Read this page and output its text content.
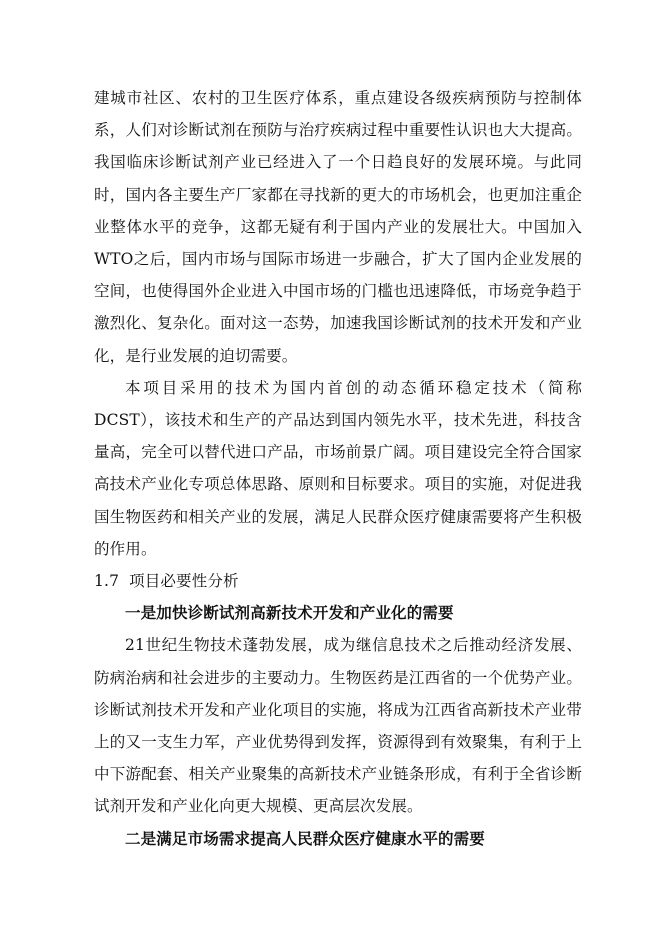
建城市社区、农村的卫生医疗体系，重点建设各级疾病预防与控制体系，人们对诊断试剂在预防与治疗疾病过程中重要性认识也大大提高。我国临床诊断试剂产业已经进入了一个日趋良好的发展环境。与此同时，国内各主要生产厂家都在寻找新的更大的市场机会，也更加注重企业整体水平的竞争，这都无疑有利于国内产业的发展壮大。中国加入WTO之后，国内市场与国际市场进一步融合，扩大了国内企业发展的空间，也使得国外企业进入中国市场的门槛也迅速降低，市场竞争趋于激烈化、复杂化。面对这一态势，加速我国诊断试剂的技术开发和产业化，是行业发展的迫切需要。

本项目采用的技术为国内首创的动态循环稳定技术（简称DCST），该技术和生产的产品达到国内领先水平，技术先进，科技含量高，完全可以替代进口产品，市场前景广阔。项目建设完全符合国家高技术产业化专项总体思路、原则和目标要求。项目的实施，对促进我国生物医药和相关产业的发展，满足人民群众医疗健康需要将产生积极的作用。

1.7 项目必要性分析

一是加快诊断试剂高新技术开发和产业化的需要

21世纪生物技术蓬勃发展，成为继信息技术之后推动经济发展、防病治病和社会进步的主要动力。生物医药是江西省的一个优势产业。诊断试剂技术开发和产业化项目的实施，将成为江西省高新技术产业带上的又一支生力军，产业优势得到发挥，资源得到有效聚集，有利于上中下游配套、相关产业聚集的高新技术产业链条形成，有利于全省诊断试剂开发和产业化向更大规模、更高层次发展。

二是满足市场需求提高人民群众医疗健康水平的需要
